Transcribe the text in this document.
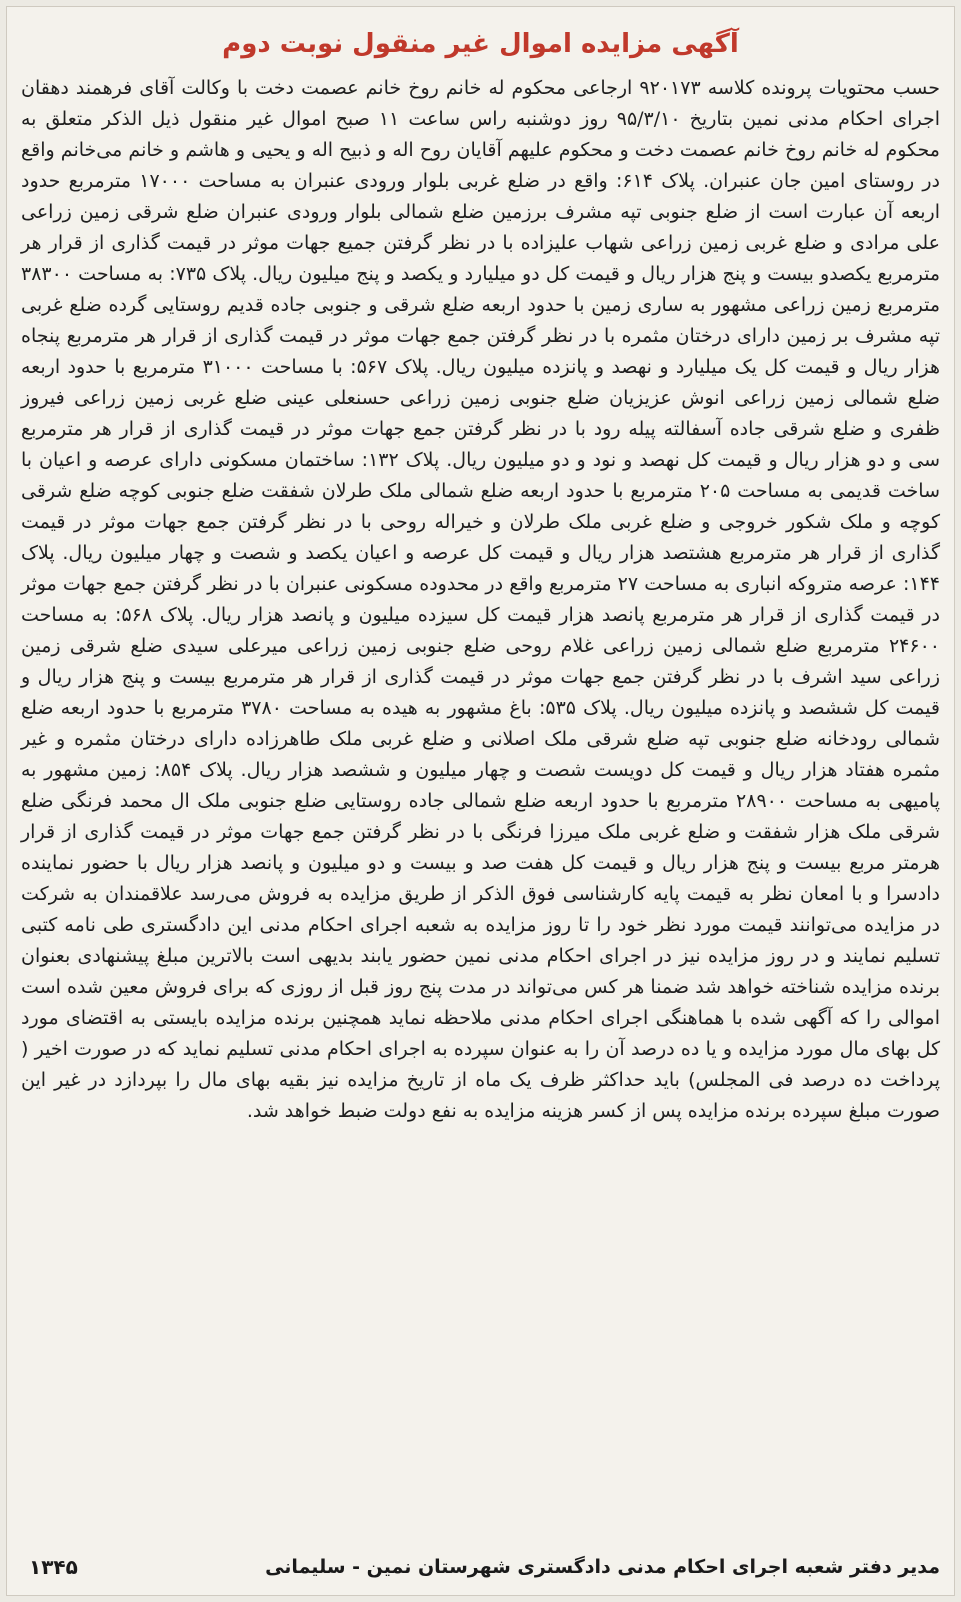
آگهی مزایده اموال غیر منقول نوبت دوم
حسب محتویات پرونده کلاسه ۹۲۰۱۷۳ ارجاعی محکوم له خانم روخ خانم عصمت دخت با وکالت آقای فرهمند دهقان اجرای احکام مدنی نمین بتاریخ ۹۵/۳/۱۰ روز دوشنبه راس ساعت ۱۱ صبح اموال غیر منقول ذیل الذکر متعلق به محکوم له خانم روخ خانم عصمت دخت و محکوم علیهم آقایان روح اله و ذبیح اله و یحیی و هاشم و خانم می‌خانم واقع در روستای امین جان عنبران. پلاک ۶۱۴: واقع در ضلع غربی بلوار ورودی عنبران به مساحت ۱۷۰۰۰ مترمربع حدود اربعه آن عبارت است از ضلع جنوبی تپه مشرف برزمین ضلع شمالی بلوار ورودی عنبران ضلع شرقی زمین زراعی علی مرادی و ضلع غربی زمین زراعی شهاب علیزاده با در نظر گرفتن جمیع جهات موثر در قیمت گذاری از قرار هر مترمربع یکصدو بیست و پنج هزار ریال و قیمت کل دو میلیارد و یکصد و پنج میلیون ریال. پلاک ۷۳۵: به مساحت ۳۸۳۰۰ مترمربع زمین زراعی مشهور به ساری زمین با حدود اربعه ضلع شرقی و جنوبی جاده قدیم روستایی گرده ضلع غربی تپه مشرف بر زمین دارای درختان مثمره با در نظر گرفتن جمع جهات موثر در قیمت گذاری از قرار هر مترمربع پنجاه هزار ریال و قیمت کل یک میلیارد و نهصد و پانزده میلیون ریال. پلاک ۵۶۷: با مساحت ۳۱۰۰۰ مترمربع با حدود اربعه ضلع شمالی زمین زراعی انوش عزیزیان ضلع جنوبی زمین زراعی حسنعلی عینی ضلع غربی زمین زراعی فیروز ظفری و ضلع شرقی جاده آسفالته پیله رود با در نظر گرفتن جمع جهات موثر در قیمت گذاری از قرار هر مترمربع سی و دو هزار ریال و قیمت کل نهصد و نود و دو میلیون ریال. پلاک ۱۳۲: ساختمان مسکونی دارای عرصه و اعیان با ساخت قدیمی به مساحت ۲۰۵ مترمربع با حدود اربعه ضلع شمالی ملک طرلان شفقت ضلع جنوبی کوچه ضلع شرقی کوچه و ملک شکور خروجی و ضلع غربی ملک طرلان و خیراله روحی با در نظر گرفتن جمع جهات موثر در قیمت گذاری از قرار هر مترمربع هشتصد هزار ریال و قیمت کل عرصه و اعیان یکصد و شصت و چهار میلیون ریال. پلاک ۱۴۴: عرصه متروکه انباری به مساحت ۲۷ مترمربع واقع در محدوده مسکونی عنبران با در نظر گرفتن جمع جهات موثر در قیمت گذاری از قرار هر مترمربع پانصد هزار قیمت کل سیزده میلیون و پانصد هزار ریال. پلاک ۵۶۸: به مساحت ۲۴۶۰۰ مترمربع ضلع شمالی زمین زراعی غلام روحی ضلع جنوبی زمین زراعی میرعلی سیدی ضلع شرقی زمین زراعی سید اشرف با در نظر گرفتن جمع جهات موثر در قیمت گذاری از قرار هر مترمربع بیست و پنج هزار ریال و قیمت کل ششصد و پانزده میلیون ریال. پلاک ۵۳۵: باغ مشهور به هیده به مساحت ۳۷۸۰ مترمربع با حدود اربعه ضلع شمالی رودخانه ضلع جنوبی تپه ضلع شرقی ملک اصلانی و ضلع غربی ملک طاهرزاده دارای درختان مثمره و غیر مثمره هفتاد هزار ریال و قیمت کل دویست شصت و چهار میلیون و ششصد هزار ریال. پلاک ۸۵۴: زمین مشهور به پامیهی به مساحت ۲۸۹۰۰ مترمربع با حدود اربعه ضلع شمالی جاده روستایی ضلع جنوبی ملک ال محمد فرنگی ضلع شرقی ملک هزار شفقت و ضلع غربی ملک میرزا فرنگی با در نظر گرفتن جمع جهات موثر در قیمت گذاری از قرار هرمتر مربع بیست و پنج هزار ریال و قیمت کل هفت صد و بیست و دو میلیون و پانصد هزار ریال با حضور نماینده دادسرا و با امعان نظر به قیمت پایه کارشناسی فوق الذکر از طریق مزایده به فروش می‌رسد علاقمندان به شرکت در مزایده می‌توانند قیمت مورد نظر خود را تا روز مزایده به شعبه اجرای احکام مدنی این دادگستری طی نامه کتبی تسلیم نمایند و در روز مزایده نیز در اجرای احکام مدنی نمین حضور یابند بدیهی است بالاترین مبلغ پیشنهادی بعنوان برنده مزایده شناخته خواهد شد ضمنا هر کس می‌تواند در مدت پنج روز قبل از روزی که برای فروش معین شده است اموالی را که آگهی شده با هماهنگی اجرای احکام مدنی ملاحظه نماید همچنین برنده مزایده بایستی به اقتضای مورد کل بهای مال مورد مزایده و یا ده درصد آن را به عنوان سپرده به اجرای احکام مدنی تسلیم نماید که در صورت اخیر ( پرداخت ده درصد فی المجلس) باید حداکثر ظرف یک ماه از تاریخ مزایده نیز بقیه بهای مال را بپردازد در غیر این صورت مبلغ سپرده برنده مزایده پس از کسر هزینه مزایده به نفع دولت ضبط خواهد شد.
مدیر دفتر شعبه اجرای احکام مدنی دادگستری شهرستان نمین - سلیمانی
۱۳۴۵
